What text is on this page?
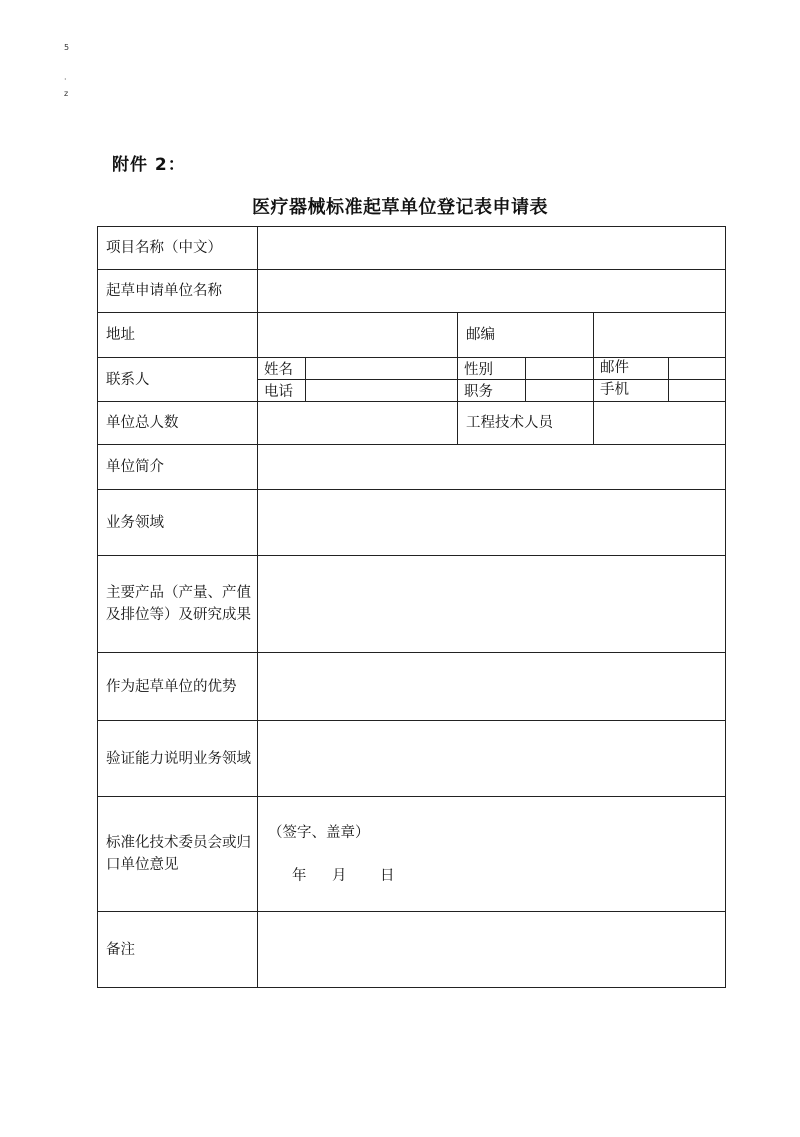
5
·
z
附件 2：
医疗器械标准起草单位登记表申请表
项目名称（中文）					
起草申请单位名称					
地址			邮编		
联系人	姓名		性别		邮件

	电话		职务		手机

单位总人数			工程技术人员		
单位简介					
业务领域					
主要产品（产量、产值及排位等）及研究成果					
作为起草单位的优势					
验证能力说明业务领域					
标准化技术委员会或归口单位意见	（签字、盖章）
年 月 日				

备注					
